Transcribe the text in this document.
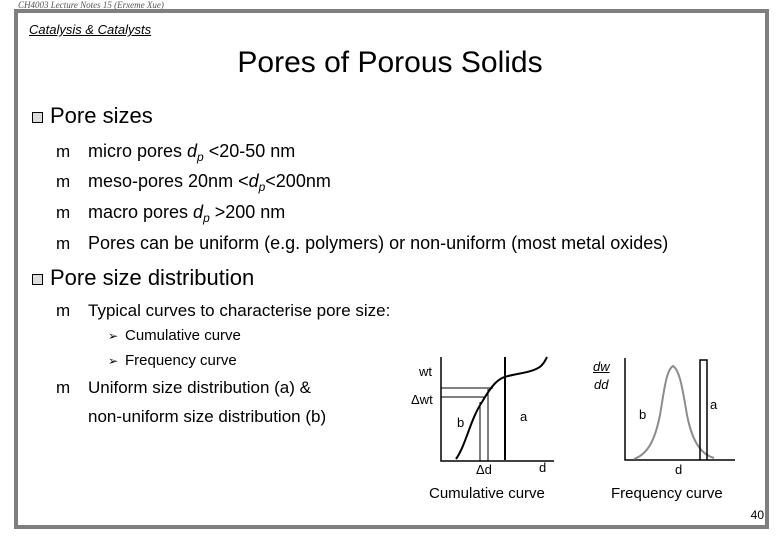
CH4003 Lecture Notes 15 (Erxeme Xue)
Catalysis & Catalysts
Pores of Porous Solids
Pore sizes
m micro pores $d_p <20-50$ nm
m meso-pores $20nm <d_p<200nm$
m macro pores $d_p >200$ nm
m Pores can be uniform (e.g. polymers) or non-uniform (most metal oxides)
Pore size distribution
m Typical curves to characterise pore size:
➢ Cumulative curve
➢ Frequency curve
m Uniform size distribution (a) &
non-uniform size distribution (b)
wt
Δwt
b	a
Δd	d
Cumulative curve
dw
dd
b
a
d
Frequency curve
40
